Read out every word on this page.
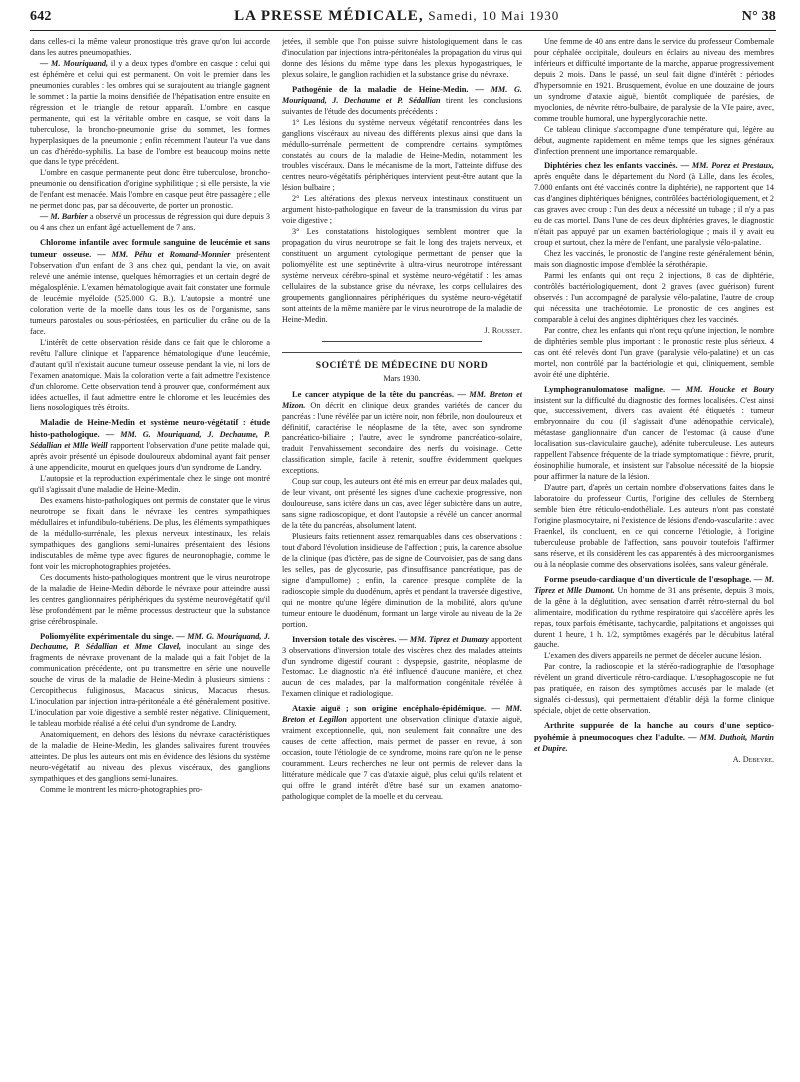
642	LA PRESSE MÉDICALE, Samedi, 10 Mai 1930	N° 38

dans celles-ci la même valeur pronostique très grave qu'on lui accorde dans les autres pneumopathies.

— M. Mouriquand, il y a deux types d'ombre en casque : celui qui est éphémère et celui qui est permanent. On voit le premier dans les pneumonies curables : les ombres qui se surajoutent au triangle gagnent le sommet : la partie la moins densifiée de l'hépatisation entre ensuite en régression et le triangle de retour apparaît. L'ombre en casque permanente, qui est la véritable ombre en casque, se voit dans la tuberculose, la broncho-pneumonie grise du sommet, les formes hyperplasiques de la pneumonie ; enfin récemment l'auteur l'a vue dans un cas d'hérédo-syphilis. La base de l'ombre est beaucoup moins nette que dans le type précédent.

L'ombre en casque permanente peut donc être tuberculose, broncho-pneumonie ou densification d'origine syphilitique ; si elle persiste, la vie de l'enfant est menacée. Mais l'ombre en casque peut être passagère ; elle ne permet donc pas, par sa découverte, de porter un pronostic.

— M. Barbier a observé un processus de régression qui dure depuis 3 ou 4 ans chez un enfant âgé actuellement de 7 ans.

Chlorome infantile avec formule sanguine de leucémie et sans tumeur osseuse. — MM. Péhu et Romand-Monnier présentent l'observation d'un enfant de 3 ans chez qui, pendant la vie, on avait relevé une anémie intense, quelques hémorragies et un certain degré de mégalosplénie. L'examen hématologique avait fait constater une formule de leucémie myéloïde (525.000 G. B.). L'autopsie a montré une coloration verte de la moelle dans tous les os de l'organisme, sans tumeurs parostales ou sous-périostées, en particulier du crâne ou de la face.

L'intérêt de cette observation réside dans ce fait que le chlorome a revêtu l'allure clinique et l'apparence hématologique d'une leucémie, d'autant qu'il n'existait aucune tumeur osseuse pendant la vie, ni lors de l'examen anatomique. Mais la coloration verte a fait admettre l'existence d'un chlorome. Cette observation tend à prouver que, conformément aux idées actuelles, il faut admettre entre le chlorome et les leucémies des liens nosologiques très étroits.

Maladie de Heine-Medin et système neuro-végétatif : étude histo-pathologique. — MM. G. Mouriquand, J. Dechaume, P. Sédallian et Mlle Weill rapportent l'observation d'une petite malade qui, après avoir présenté un épisode douloureux abdominal ayant fait penser à une appendicite, mourut en quelques jours d'un syndrome de Landry.

L'autopsie et la reproduction expérimentale chez le singe ont montré qu'il s'agissait d'une maladie de Heine-Medin.

Des examens histo-pathologiques ont permis de constater que le virus neurotrope se fixait dans le névraxe les centres sympathiques médullaires et infundibulo-tubériens. De plus, les éléments sympathiques de la médullo-surrénale, les plexus nerveux intestinaux, les relais sympathiques des ganglions semi-lunaires présentaient des lésions indiscutables de même type avec figures de neuronophagie, comme le font voir les microphotographies projetées.

Ces documents histo-pathologiques montrent que le virus neurotrope de la maladie de Heine-Medin déborde le névraxe pour atteindre aussi les centres ganglionnaires périphériques du système neurovégétatif qu'il lèse profondément par le même processus destructeur que la substance grise cérébrospinale.

Poliomyélite expérimentale du singe. — MM. G. Mouriquand, J. Dechaume, P. Sédallian et Mme Clavel, inoculant au singe des fragments de névraxe provenant de la malade qui a fait l'objet de la communication précédente, ont pu transmettre en série une nouvelle souche de virus de la maladie de Heine-Medin à plusieurs simiens : Cercopithecus fuliginosus, Macacus sinicus, Macacus rhesus. L'inoculation par injection intra-péritonéale a été généralement positive. L'inoculation par voie digestive a semblé rester négative. Cliniquement, le tableau morbide réalisé a été celui d'un syndrome de Landry.

Anatomiquement, en dehors des lésions du névraxe caractéristiques de la maladie de Heine-Medin, les glandes salivaires furent trouvées atteintes. De plus les auteurs ont mis en évidence des lésions du système neuro-végétatif au niveau des plexus viscéraux, des ganglions sympathiques et des ganglions semi-lunaires.

Comme le montrent les micro-photographies pro-

jetées, il semble que l'on puisse suivre histologiquement dans le cas d'inoculation par injections intra-péritonéales la propagation du virus qui donne des lésions du même type dans les plexus hypogastriques, le plexus solaire, le ganglion rachidien et la substance grise du névraxe.

Pathogénie de la maladie de Heine-Medin. — MM. G. Mouriquand, J. Dechaume et P. Sédallian tirent les conclusions suivantes de l'étude des documents précédents :

1° Les lésions du système nerveux végétatif rencontrées dans les ganglions viscéraux au niveau des différents plexus ainsi que dans la médullo-surrénale permettent de comprendre certains symptômes constatés au cours de la maladie de Heine-Medin, notamment les troubles viscéraux. Dans le mécanisme de la mort, l'atteinte diffuse des centres neuro-végétatifs périphériques intervient peut-être autant que la lésion bulbaire ;

2° Les altérations des plexus nerveux intestinaux constituent un argument histo-pathologique en faveur de la transmission du virus par voie digestive ;

3° Les constatations histologiques semblent montrer que la propagation du virus neurotrope se fait le long des trajets nerveux, et constituent un argument cytologique permettant de penser que la poliomyélite est une septinévrite à ultra-virus neurotrope intéressant système nerveux cérébro-spinal et système neuro-végétatif : les amas cellulaires de la substance grise du névraxe, les corps cellulaires des groupements ganglionnaires périphériques du système neuro-végétatif sont atteints de la même manière par le virus neurotrope de la maladie de Heine-Medin.

J. Rousset.

SOCIÉTÉ DE MÉDECINE DU NORD
Mars 1930.

Le cancer atypique de la tête du pancréas. — MM. Breton et Mizon. On décrit en clinique deux grandes variétés de cancer du pancréas : l'une révélée par un ictère noir, non fébrile, non douloureux et définitif, caractérise le néoplasme de la tête, avec son syndrome pancréatico-biliaire ; l'autre, avec le syndrome pancréatico-solaire, traduit l'envahissement secondaire des nerfs du voisinage. Cette classification simple, facile à retenir, souffre évidemment quelques exceptions.

Coup sur coup, les auteurs ont été mis en erreur par deux malades qui, de leur vivant, ont présenté les signes d'une cachexie progressive, non douloureuse, sans ictère dans un cas, avec léger subictère dans un autre, sans signe radioscopique, et dont l'autopsie a révélé un cancer anormal de la tête du pancréas, absolument latent.

Plusieurs faits retiennent assez remarquables dans ces observations : tout d'abord l'évolution insidieuse de l'affection ; puis, la carence absolue de la clinique (pas d'ictère, pas de signe de Courvoisier, pas de sang dans les selles, pas de glycosurie, pas d'insuffisance pancréatique, pas de signe d'ampullome) ; enfin, la carence presque complète de la radioscopie simple du duodénum, après et pendant la traversée digestive, qui ne montre qu'une légère diminution de la mobilité, alors qu'une tumeur entoure le duodénum, formant un large virole au niveau de la 2e portion.

Inversion totale des viscères. — MM. Tiprez et Dumazy apportent 3 observations d'inversion totale des viscères chez des malades atteints d'un syndrome digestif courant : dyspepsie, gastrite, néoplasme de l'estomac. Le diagnostic n'a été influencé d'aucune manière, et chez aucun de ces malades, par la malformation congénitale révélée à l'examen clinique et radiologique.

Ataxie aiguë ; son origine encéphalo-épidémique. — MM. Breton et Legillon apportent une observation clinique d'ataxie aiguë, vraiment exceptionnelle, qui, non seulement fait connaître une des causes de cette affection, mais permet de passer en revue, à son occasion, toute l'étiologie de ce syndrome, moins rare qu'on ne le pense couramment. Leurs recherches ne leur ont permis de relever dans la littérature médicale que 7 cas d'ataxie aiguë, plus celui qu'ils relatent et qui offre le grand intérêt d'être basé sur un examen anatomo-pathologique complet de la moelle et du cerveau.

Une femme de 40 ans entre dans le service du professeur Combemale pour céphalée occipitale, douleurs en éclairs au niveau des membres inférieurs et difficulté importante de la marche, apparue progressivement depuis 2 mois. Dans le passé, un seul fait digne d'intérêt : périodes d'hypersomnie en 1921. Brusquement, évolue en une douzaine de jours un syndrome d'ataxie aiguë, bientôt compliquée de parésies, de myoclonies, de névrite rétro-bulbaire, de paralysie de la VIe paire, avec, comme trouble humoral, une hyperglycorachie nette.

Ce tableau clinique s'accompagne d'une température qui, légère au début, augmente rapidement en même temps que les signes généraux d'infection prennent une importance remarquable.

Diphtéries chez les enfants vaccinés. — MM. Porez et Prestaux, après enquête dans le département du Nord (à Lille, dans les écoles, 7.000 enfants ont été vaccinés contre la diphtérie), ne rapportent que 14 cas d'angines diphtériques bénignes, contrôlées bactériologiquement, et 2 cas graves avec croup : l'un des deux a nécessité un tubage ; il n'y a pas eu de cas mortel. Dans l'une de ces deux diphtéries graves, le diagnostic n'était pas appuyé par un examen bactériologique ; mais il y avait eu croup et surtout, chez la mère de l'enfant, une paralysie vélo-palatine.

Chez les vaccinés, le pronostic de l'angine reste généralement bénin, mais son diagnostic impose d'emblée la sérothérapie.

Parmi les enfants qui ont reçu 2 injections, 8 cas de diphtérie, contrôlés bactériologiquement, dont 2 graves (avec guérison) furent observés : l'un accompagné de paralysie vélo-palatine, l'autre de croup qui nécessita une trachéotomie. Le pronostic de ces angines est comparable à celui des angines diphtériques chez les vaccinés.

Par contre, chez les enfants qui n'ont reçu qu'une injection, le nombre de diphtéries semble plus important : le pronostic reste plus sérieux. 4 cas ont été relevés dont l'un grave (paralysie vélo-palatine) et un cas mortel, non contrôlé par la bactériologie et qui, cliniquement, semble avoir été une diphtérie.

Lymphogranulomatose maligne. — MM. Houcke et Boury insistent sur la difficulté du diagnostic des formes localisées. C'est ainsi que, successivement, divers cas avaient été étiquetés : tumeur embryonnaire du cou (il s'agissait d'une adénopathie cervicale), métastase ganglionnaire d'un cancer de l'estomac (à cause d'une localisation sus-claviculaire gauche), adénite tuberculeuse. Les auteurs rappellent l'absence fréquente de la triade symptomatique : fièvre, prurit, éosinophilie humorale, et insistent sur l'absolue nécessité de la biopsie pour affirmer la nature de la lésion.

D'autre part, d'après un certain nombre d'observations faites dans le laboratoire du professeur Curtis, l'origine des cellules de Sternberg semble bien être réticulo-endothéliale. Les auteurs n'ont pas constaté l'origine plasmocytaire, ni l'existence de lésions d'endo-vascularite : avec Fraenkel, ils concluent, en ce qui concerne l'étiologie, à l'origine tuberculeuse probable de l'affection, sans pouvoir toutefois l'affirmer sans réserve, et ils considèrent les cas apparentés à des microorganismes ou à la néoplasie comme des observations isolées, sans valeur générale.

Forme pseudo-cardiaque d'un diverticule de l'œsophage. — M. Tiprez et Mlle Dumont. Un homme de 31 ans présente, depuis 3 mois, de la gêne à la déglutition, avec sensation d'arrêt rétro-sternal du bol alimentaire, modification du rythme respiratoire qui s'accélère après les repas, toux parfois émétisante, tachycardie, palpitations et angoisses qui durent 1 heure, 1 h. 1/2, symptômes exagérés par le décubitus latéral gauche.

L'examen des divers appareils ne permet de déceler aucune lésion.

Par contre, la radioscopie et la stéréo-radiographie de l'œsophage révèlent un grand diverticule rétro-cardiaque. L'œsophagoscopie ne fut pas pratiquée, en raison des symptômes accusés par le malade (et signalés ci-dessus), qui permettaient d'établir déjà la forme clinique spéciale, objet de cette observation.

Arthrite suppurée de la hanche au cours d'une septico-pyohémie à pneumocoques chez l'adulte. — MM. Duthoit, Martin et Dupire.

A. Debeyre.
